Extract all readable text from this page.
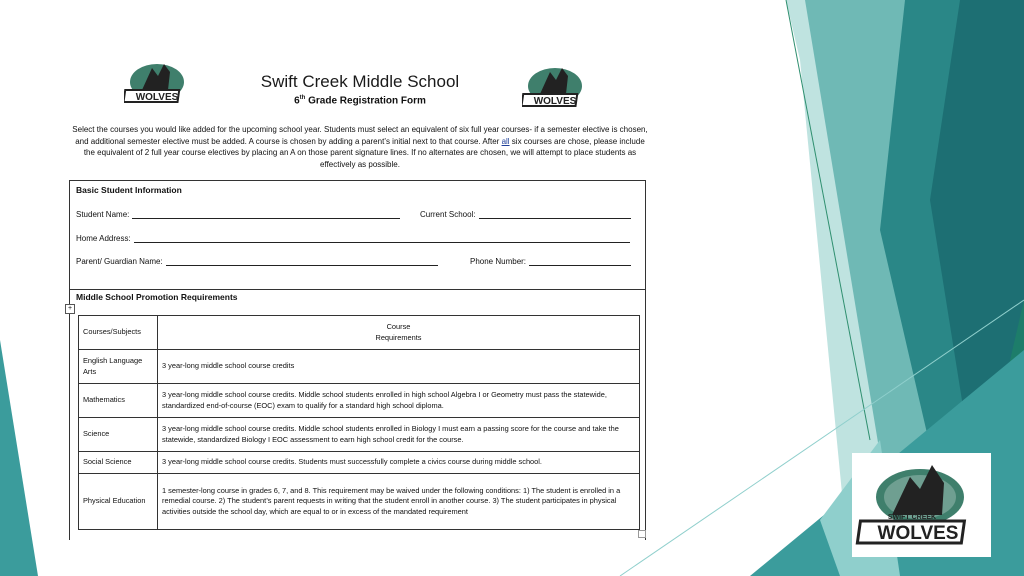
WOLVES	WOLVES
SWIFT CREEK
WOLVES
Swift Creek Middle School
6th Grade Registration Form
Select the courses you would like added for the upcoming school year. Students must select an equivalent of six full year courses- if a semester elective is chosen, and additional semester elective must be added. A course is chosen by adding a parent’s initial next to that course. After all six courses are chose, please include the equivalent of 2 full year course electives by placing an A on those parent signature lines. If no alternates are chosen, we will attempt to place students as effectively as possible.
Basic Student Information
Student Name:	Current School:
Home Address:
Parent/ Guardian Name:	Phone Number:
Middle School Promotion Requirements
+
Courses/Subjects	Course
Requirements
English Language Arts	3 year-long middle school course credits
Mathematics	3 year-long middle school course credits. Middle school students enrolled in high school Algebra I or Geometry must pass the statewide, standardized end-of-course (EOC) exam to qualify for a standard high school diploma.
Science	3 year-long middle school course credits. Middle school students enrolled in Biology I must earn a passing score for the course and take the statewide, standardized Biology I EOC assessment to earn high school credit for the course.
Social Science	3 year-long middle school course credits. Students must successfully complete a civics course during middle school.
Physical Education	1 semester-long course in grades 6, 7, and 8. This requirement may be waived under the following conditions: 1) The student is enrolled in a remedial course. 2) The student’s parent requests in writing that the student enroll in another course. 3) The student participates in physical activities outside the school day, which are equal to or in excess of the mandated requirement
